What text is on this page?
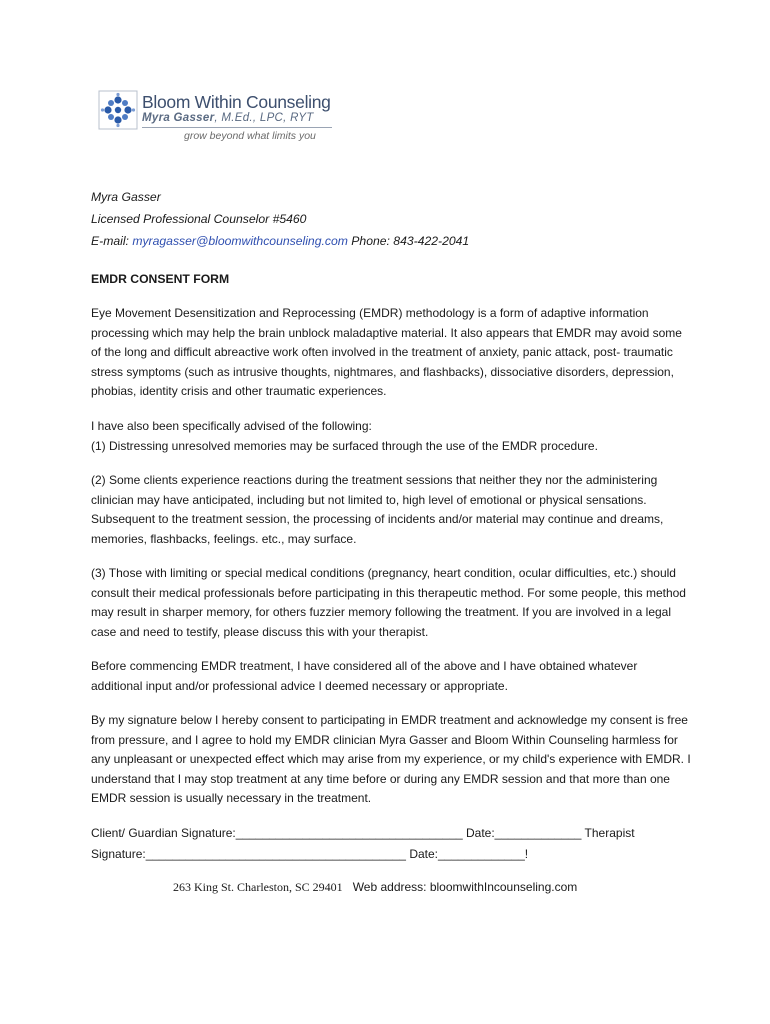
Bloom Within Counseling
Myra Gasser, M.Ed., LPC, RYT
grow beyond what limits you
Myra Gasser
Licensed Professional Counselor #5460
E-mail: myragasser@bloomwithcounseling.com Phone: 843-422-2041
EMDR CONSENT FORM

Eye Movement Desensitization and Reprocessing (EMDR) methodology is a form of adaptive information processing which may help the brain unblock maladaptive material. It also appears that EMDR may avoid some of the long and difficult abreactive work often involved in the treatment of anxiety, panic attack, post- traumatic stress symptoms (such as intrusive thoughts, nightmares, and flashbacks), dissociative disorders, depression, phobias, identity crisis and other traumatic experiences.

I have also been specifically advised of the following:

(1) Distressing unresolved memories may be surfaced through the use of the EMDR procedure.

(2) Some clients experience reactions during the treatment sessions that neither they nor the administering clinician may have anticipated, including but not limited to, high level of emotional or physical sensations. Subsequent to the treatment session, the processing of incidents and/or material may continue and dreams, memories, flashbacks, feelings. etc., may surface.

(3) Those with limiting or special medical conditions (pregnancy, heart condition, ocular difficulties, etc.) should consult their medical professionals before participating in this therapeutic method. For some people, this method may result in sharper memory, for others fuzzier memory following the treatment. If you are involved in a legal case and need to testify, please discuss this with your therapist.

Before commencing EMDR treatment, I have considered all of the above and I have obtained whatever additional input and/or professional advice I deemed necessary or appropriate.

By my signature below I hereby consent to participating in EMDR treatment and acknowledge my consent is free from pressure, and I agree to hold my EMDR clinician Myra Gasser and Bloom Within Counseling harmless for any unpleasant or unexpected effect which may arise from my experience, or my child's experience with EMDR. I understand that I may stop treatment at any time before or during any EMDR session and that more than one EMDR session is usually necessary in the treatment.

Client/ Guardian Signature:__________________________________ Date:_____________ Therapist
Signature:_______________________________________ Date:_____________!
263 King St. Charleston, SC 29401 Web address: bloomwithIncounseling.com
